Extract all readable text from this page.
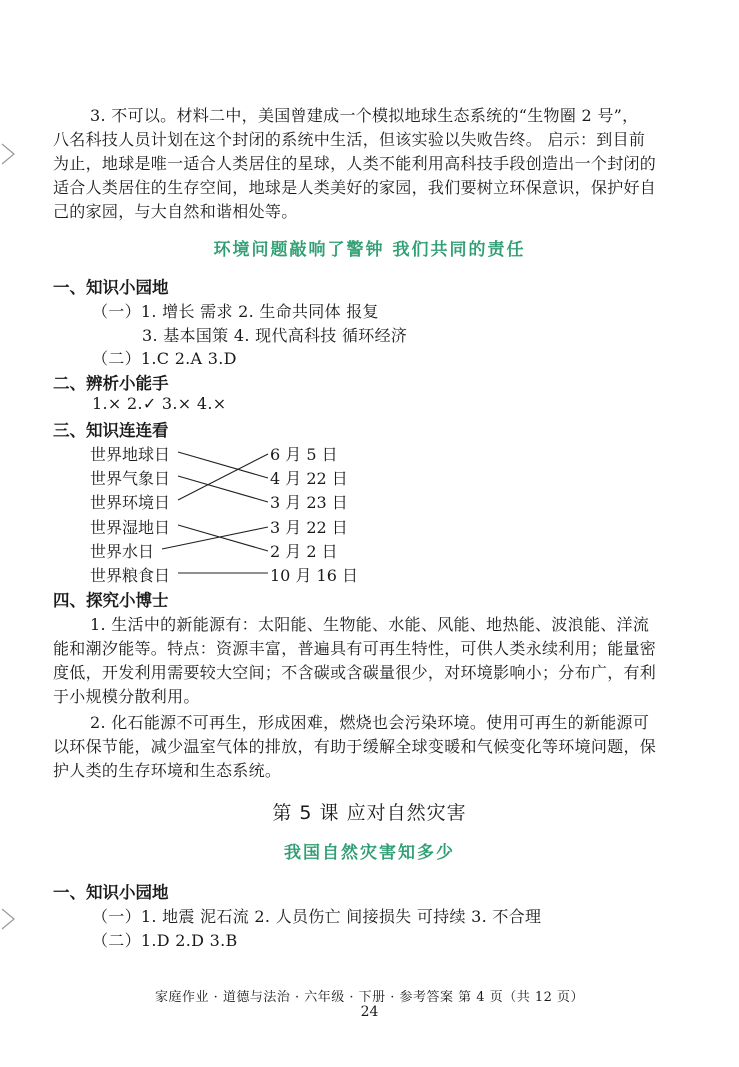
3. 不可以。材料二中，美国曾建成一个模拟地球生态系统的“生物圈 2 号”，
八名科技人员计划在这个封闭的系统中生活，但该实验以失败告终。 启示：到目前
为止，地球是唯一适合人类居住的星球，人类不能利用高科技手段创造出一个封闭的
适合人类居住的生存空间，地球是人类美好的家园，我们要树立环保意识，保护好自
己的家园，与大自然和谐相处等。
环境问题敲响了警钟 我们共同的责任
一、知识小园地
（一）1. 增长 需求 2. 生命共同体 报复
3. 基本国策 4. 现代高科技 循环经济
（二）1.C 2.A 3.D
二、辨析小能手
1.× 2.✓ 3.× 4.×
三、知识连连看
世界地球日
世界气象日
世界环境日
世界湿地日
世界水日
世界粮食日
6 月 5 日
4 月 22 日
3 月 23 日
3 月 22 日
2 月 2 日
10 月 16 日
四、探究小博士
1. 生活中的新能源有：太阳能、生物能、水能、风能、地热能、波浪能、洋流
能和潮汐能等。特点：资源丰富，普遍具有可再生特性，可供人类永续利用；能量密
度低，开发利用需要较大空间；不含碳或含碳量很少，对环境影响小；分布广，有利
于小规模分散利用。
2. 化石能源不可再生，形成困难，燃烧也会污染环境。使用可再生的新能源可
以环保节能，减少温室气体的排放，有助于缓解全球变暖和气候变化等环境问题，保
护人类的生存环境和生态系统。
第 5 课 应对自然灾害
我国自然灾害知多少
一、知识小园地
（一）1. 地震 泥石流 2. 人员伤亡 间接损失 可持续 3. 不合理
（二）1.D 2.D 3.B
家庭作业 · 道德与法治 · 六年级 · 下册 · 参考答案 第 4 页（共 12 页）
24
